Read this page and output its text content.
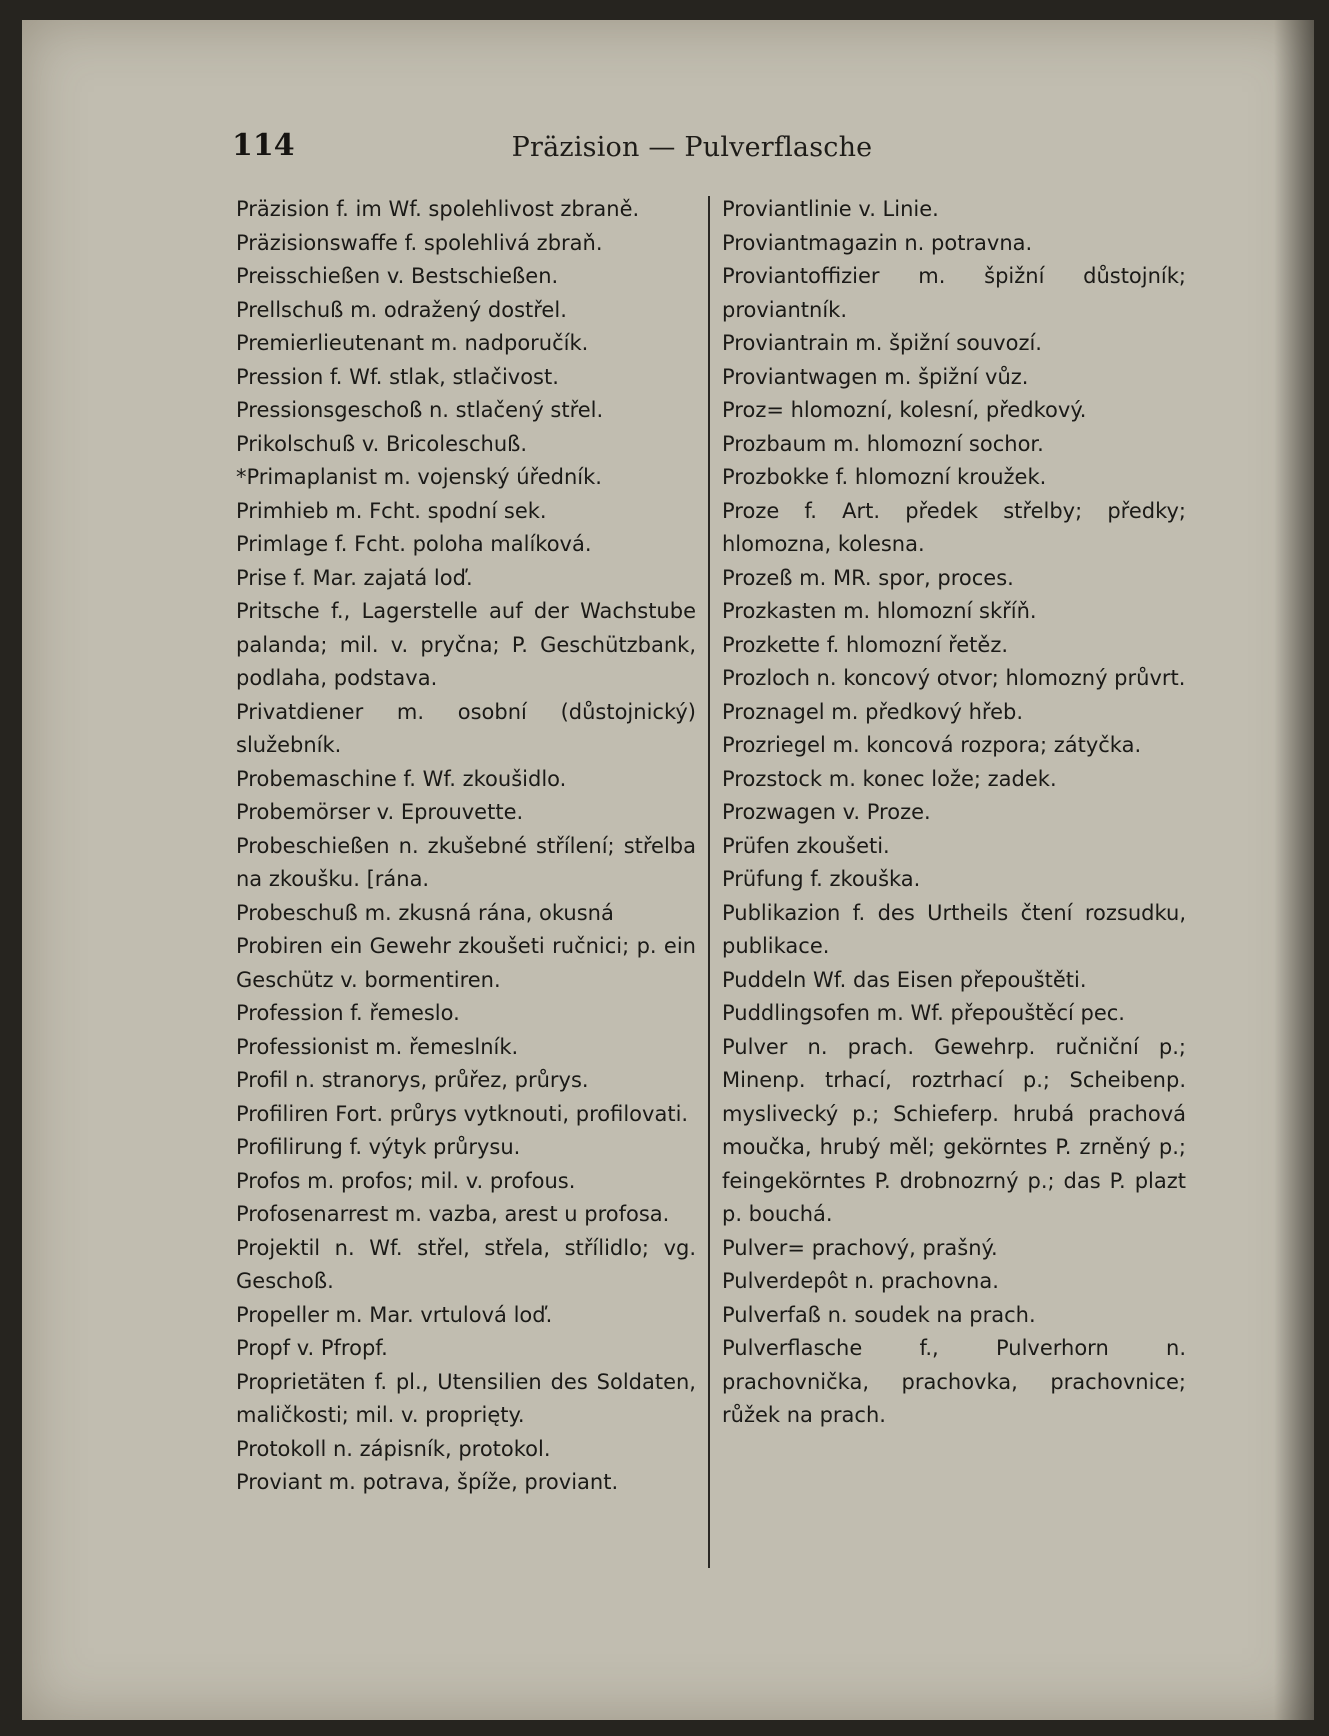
114	Präzision — Pulverflasche

Präzision f. im Wf. spolehlivost zbraně.

Präzisionswaffe f. spolehlivá zbraň.

Preisschießen v. Bestschießen.

Prellschuß m. odražený dostřel.

Premierlieutenant m. nadporučík.

Pression f. Wf. stlak, stlačivost.

Pressionsgeschoß n. stlačený střel.

Prikolschuß v. Bricoleschuß.

*Primaplanist m. vojenský úředník.

Primhieb m. Fcht. spodní sek.

Primlage f. Fcht. poloha malíková.

Prise f. Mar. zajatá loď.

Pritsche f., Lagerstelle auf der Wachstube palanda; mil. v. pryčna; P. Geschützbank, podlaha, podstava.

Privatdiener m. osobní (důstojnický) služebník.

Probemaschine f. Wf. zkoušidlo.

Probemörser v. Eprouvette.

Probeschießen n. zkušebné střílení; střelba na zkoušku. [rána.

Probeschuß m. zkusná rána, okusná

Probiren ein Gewehr zkoušeti ručnici; p. ein Geschütz v. bormentiren.

Profession f. řemeslo.

Professionist m. řemeslník.

Profil n. stranorys, průřez, průrys.

Profiliren Fort. průrys vytknouti, profilovati.

Profilirung f. výtyk průrysu.

Profos m. profos; mil. v. profous.

Profosenarrest m. vazba, arest u profosa.

Projektil n. Wf. střel, střela, střílidlo; vg. Geschoß.

Propeller m. Mar. vrtulová loď.

Propf v. Pfropf.

Proprietäten f. pl., Utensilien des Soldaten, maličkosti; mil. v. proprięty.

Protokoll n. zápisník, protokol.

Proviant m. potrava, špíže, proviant.

Proviantlinie v. Linie.

Proviantmagazin n. potravna.

Proviantoffizier m. špižní důstojník; proviantník.

Proviantrain m. špižní souvozí.

Proviantwagen m. špižní vůz.

Proz= hlomozní, kolesní, předkový.

Prozbaum m. hlomozní sochor.

Prozbokke f. hlomozní kroužek.

Proze f. Art. předek střelby; předky; hlomozna, kolesna.

Prozeß m. MR. spor, proces.

Prozkasten m. hlomozní skříň.

Prozkette f. hlomozní řetěz.

Prozloch n. koncový otvor; hlomozný průvrt.

Proznagel m. předkový hřeb.

Prozriegel m. koncová rozpora; zátyčka.

Prozstock m. konec lože; zadek.

Prozwagen v. Proze.

Prüfen zkoušeti.

Prüfung f. zkouška.

Publikazion f. des Urtheils čtení rozsudku, publikace.

Puddeln Wf. das Eisen přepouštěti.

Puddlingsofen m. Wf. přepouštěcí pec.

Pulver n. prach. Gewehrp. ručniční p.; Minenp. trhací, roztrhací p.; Scheibenp. myslivecký p.; Schieferp. hrubá prachová moučka, hrubý měl; gekörntes P. zrněný p.; feingekörntes P. drobnozrný p.; das P. plazt p. bouchá.

Pulver= prachový, prašný.

Pulverdepôt n. prachovna.

Pulverfaß n. soudek na prach.

Pulverflasche f., Pulverhorn n. prachovnička, prachovka, prachovnice; růžek na prach.
